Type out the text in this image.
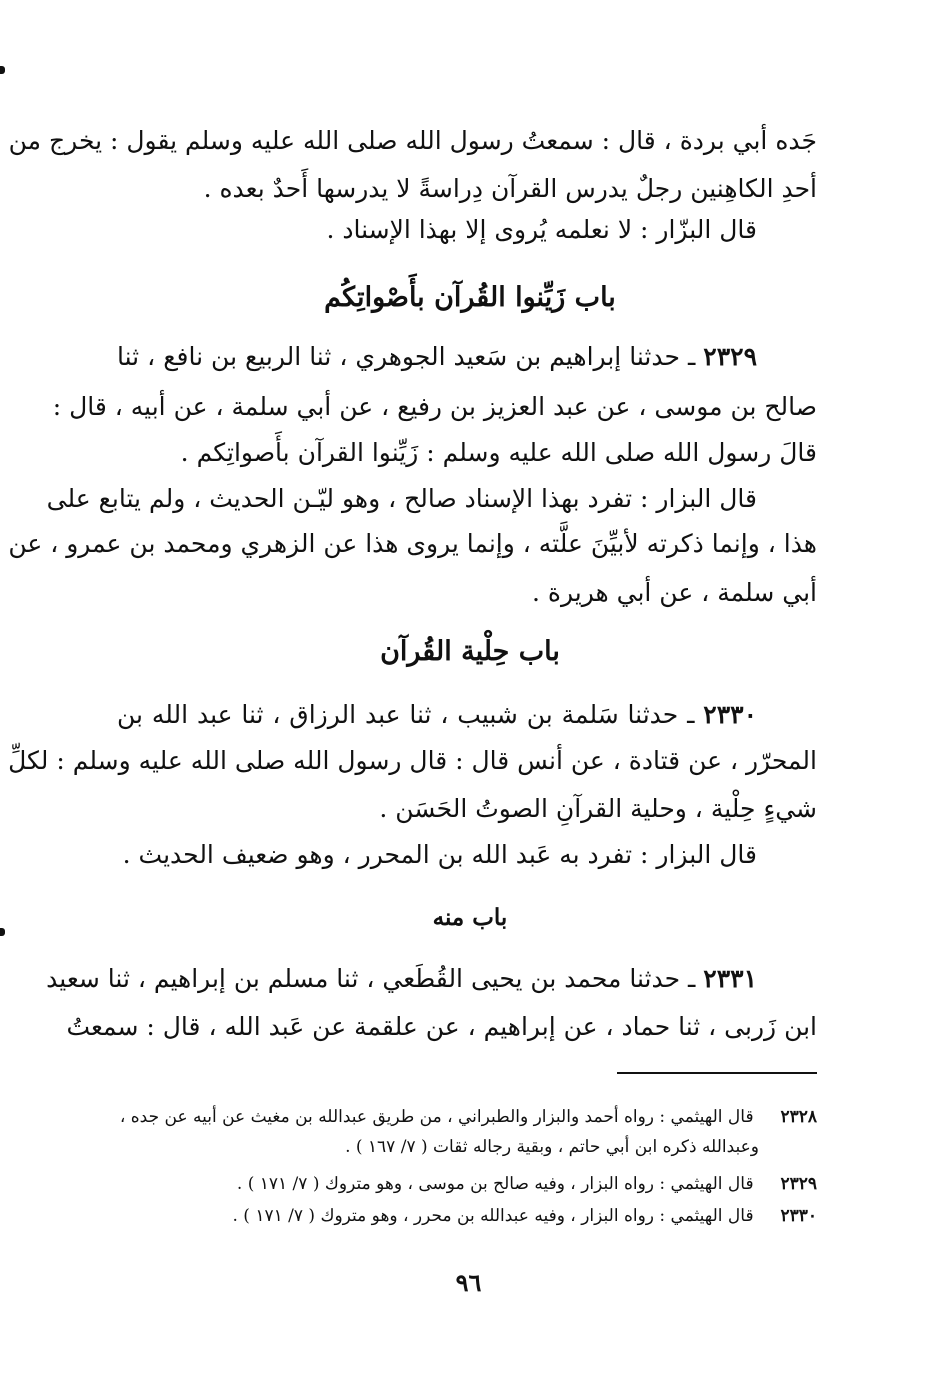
جَده أبي بردة ، قال : سمعتُ رسول الله صلى الله عليه وسلم يقول : يخرج من
أحدِ الكاهِنين رجلٌ يدرس القرآن دِراسةً لا يدرسها أَحدٌ بعده .
قال البزّار : لا نعلمه يُروى إلا بهذا الإسناد .
باب زَيِّنوا القُرآن بأَصْواتِكُم
٢٣٢٩ ـ حدثنا إبراهيم بن سَعيد الجوهري ، ثنا الربيع بن نافع ، ثنا
صالح بن موسى ، عن عبد العزيز بن رفيع ، عن أبي سلمة ، عن أبيه ، قال :
قالَ رسول الله صلى الله عليه وسلم : زَيِّنوا القرآن بأَصواتِكم .
قال البزار : تفرد بهذا الإسناد صالح ، وهو ليّـن الحديث ، ولم يتابع على
هذا ، وإنما ذكرته لأبيِّنَ علَّته ، وإنما يروى هذا عن الزهري ومحمد بن عمرو ، عن
أبي سلمة ، عن أبي هريرة .
باب حِلْية القُرآن
٢٣٣٠ ـ حدثنا سَلمة بن شبيب ، ثنا عبد الرزاق ، ثنا عبد الله بن
المحرّر ، عن قتادة ، عن أنس قال : قال رسول الله صلى الله عليه وسلم : لكلِّ
شيءٍ حِلْية ، وحلية القرآنِ الصوتُ الحَسَن .
قال البزار : تفرد به عَبد الله بن المحرر ، وهو ضعيف الحديث .
باب منه
٢٣٣١ ـ حدثنا محمد بن يحيى القُطَعي ، ثنا مسلم بن إبراهيم ، ثنا سعيد
ابن زَربى ، ثنا حماد ، عن إبراهيم ، عن علقمة عن عَبد الله ، قال : سمعتُ
٢٣٢٨ قال الهيثمي : رواه أحمد والبزار والطبراني ، من طريق عبدالله بن مغيث عن أبيه عن جده ،
وعبدالله ذكره ابن أبي حاتم ، وبقية رجاله ثقات ( ٧/ ١٦٧ ) .
٢٣٢٩ قال الهيثمي : رواه البزار ، وفيه صالح بن موسى ، وهو متروك ( ٧/ ١٧١ ) .
٢٣٣٠ قال الهيثمي : رواه البزار ، وفيه عبدالله بن محرر ، وهو متروك ( ٧/ ١٧١ ) .
٩٦
